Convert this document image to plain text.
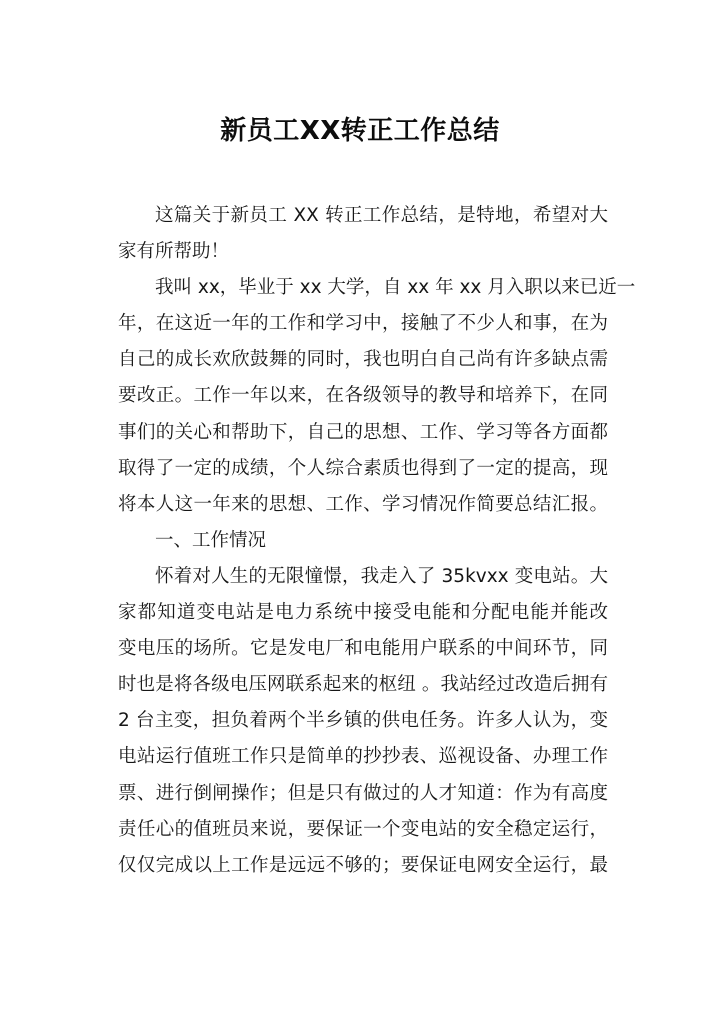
新员工XX转正工作总结
这篇关于新员工 XX 转正工作总结，是特地，希望对大
家有所帮助！
我叫 xx，毕业于 xx 大学，自 xx 年 xx 月入职以来已近一
年，在这近一年的工作和学习中，接触了不少人和事，在为
自己的成长欢欣鼓舞的同时，我也明白自己尚有许多缺点需
要改正。工作一年以来，在各级领导的教导和培养下，在同
事们的关心和帮助下，自己的思想、工作、学习等各方面都
取得了一定的成绩，个人综合素质也得到了一定的提高，现
将本人这一年来的思想、工作、学习情况作简要总结汇报。
一、工作情况
怀着对人生的无限憧憬，我走入了 35kvxx 变电站。大
家都知道变电站是电力系统中接受电能和分配电能并能改
变电压的场所。它是发电厂和电能用户联系的中间环节，同
时也是将各级电压网联系起来的枢纽 。我站经过改造后拥有
2 台主变，担负着两个半乡镇的供电任务。许多人认为，变
电站运行值班工作只是简单的抄抄表、巡视设备、办理工作
票、进行倒闸操作；但是只有做过的人才知道：作为有高度
责任心的值班员来说，要保证一个变电站的安全稳定运行，
仅仅完成以上工作是远远不够的；要保证电网安全运行，最
